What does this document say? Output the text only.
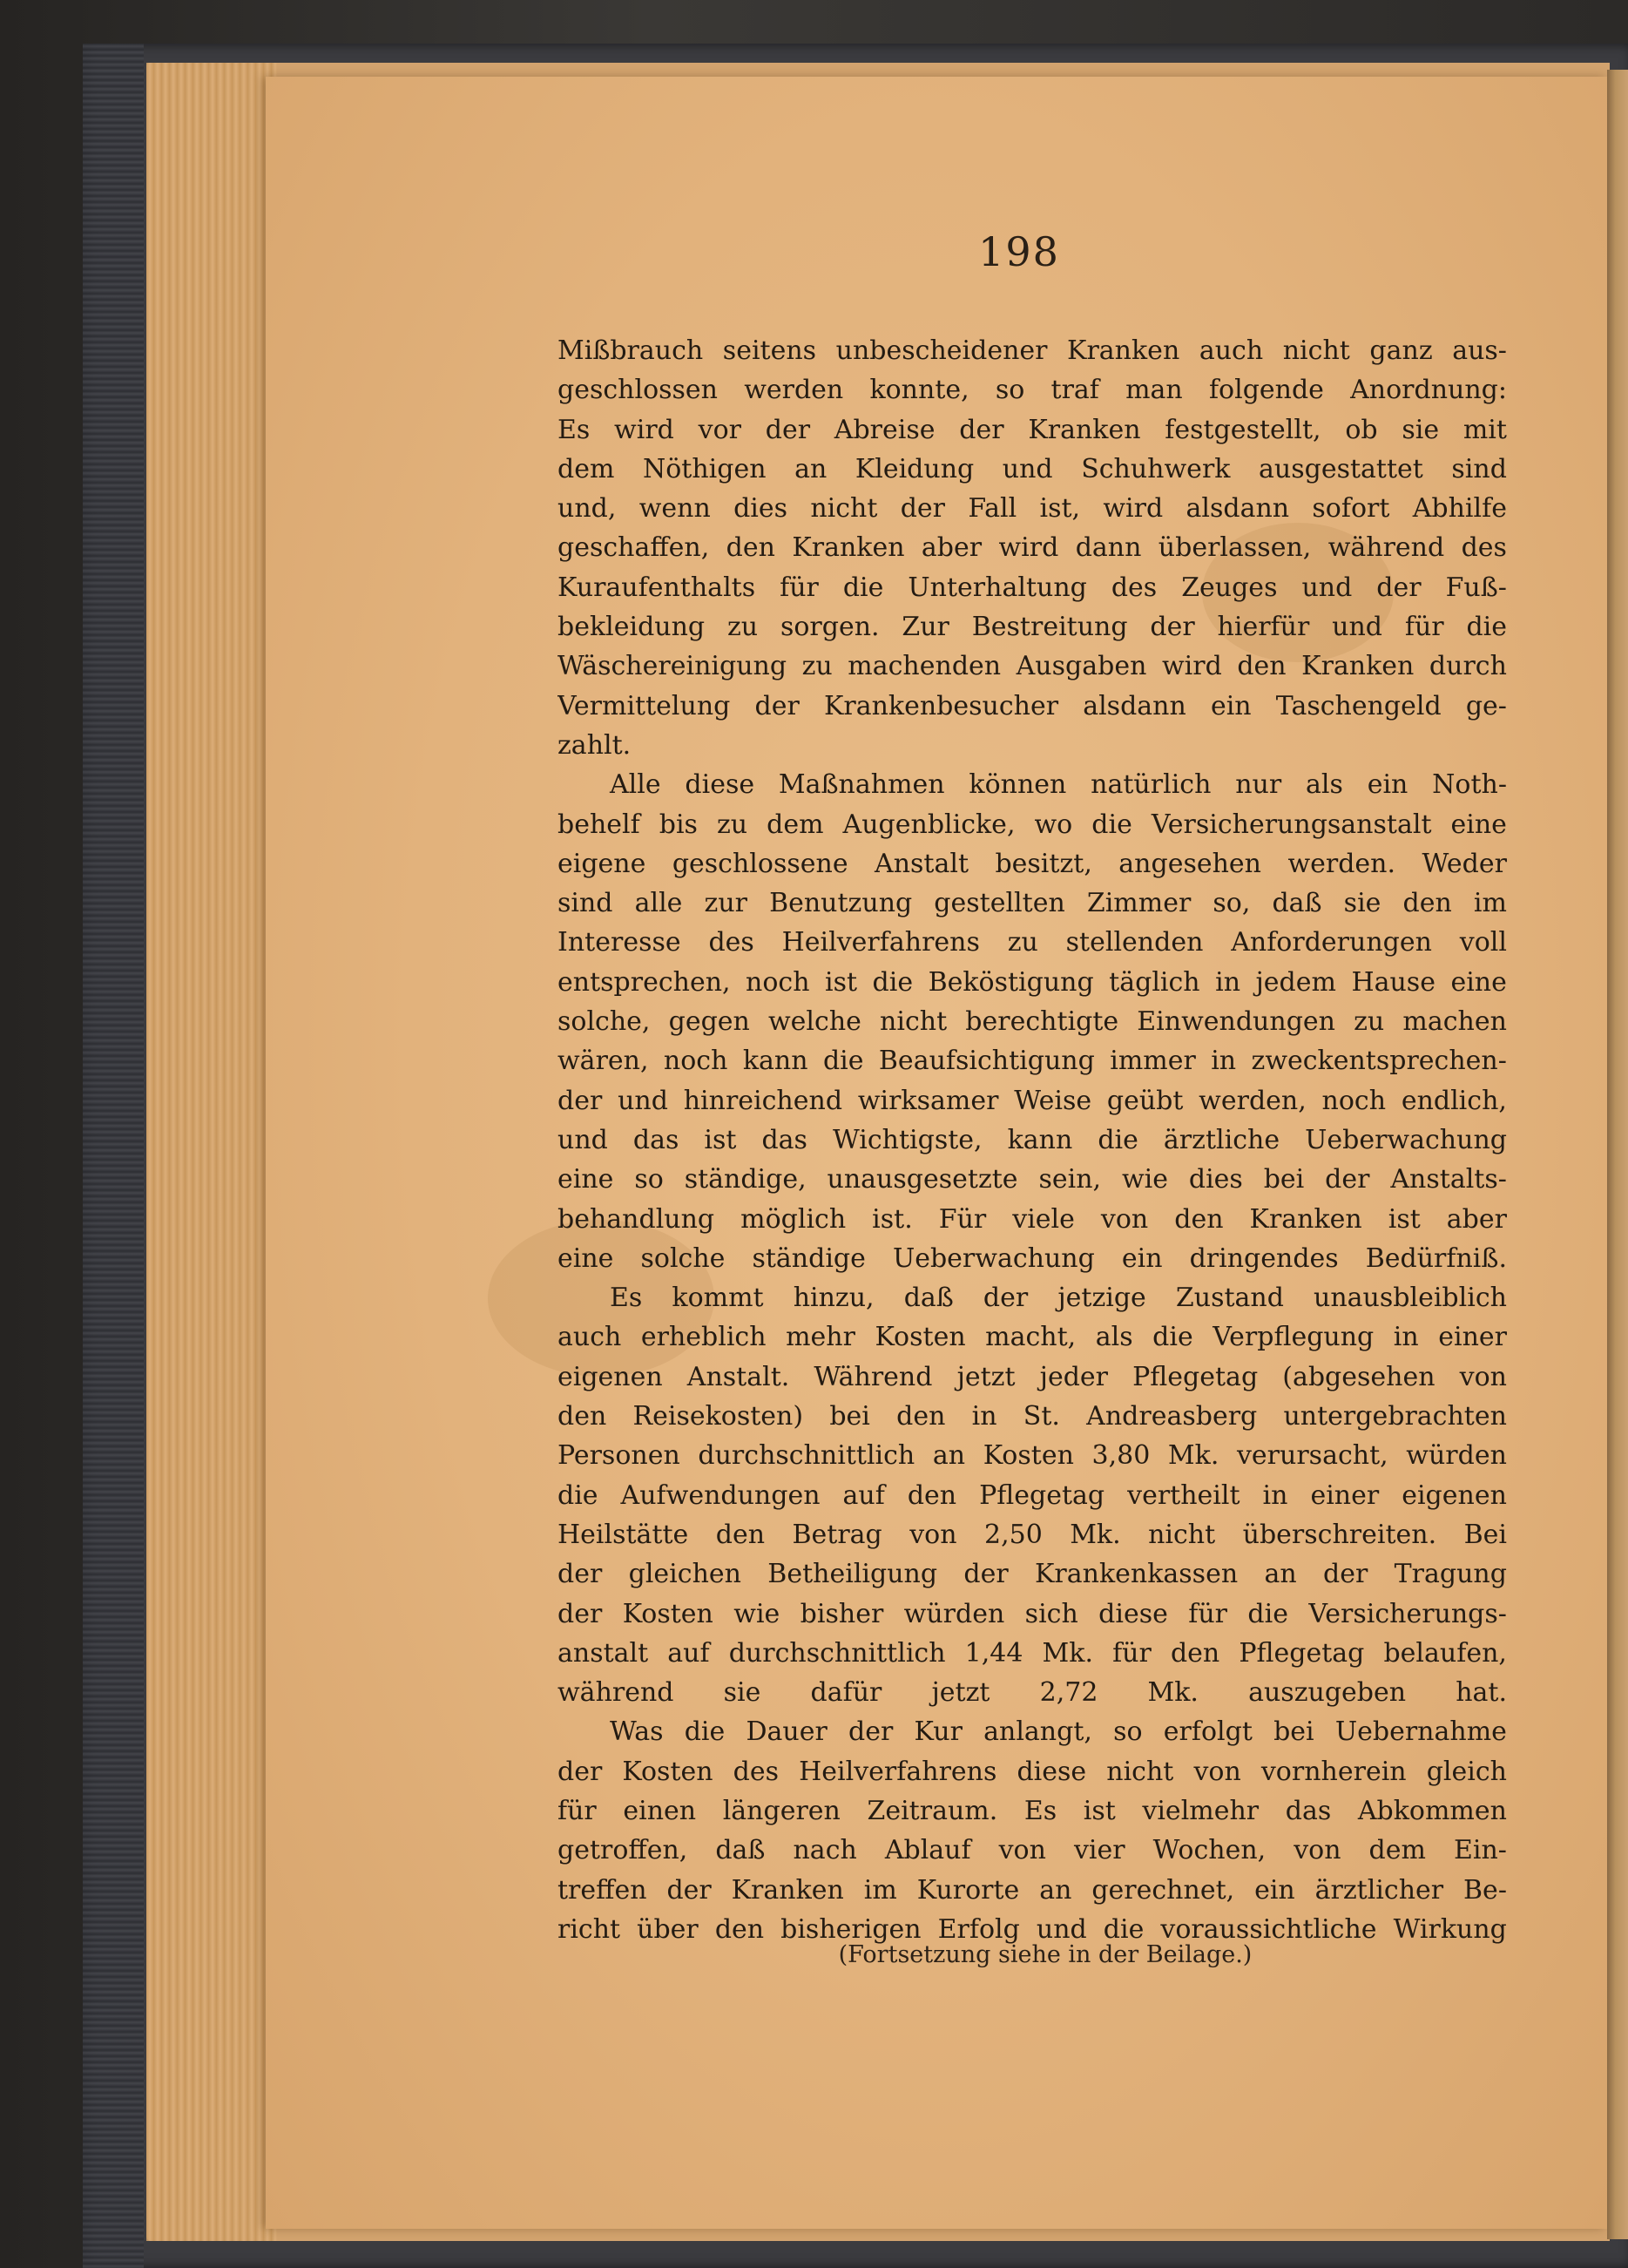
198
Mißbrauch seitens unbescheidener Kranken auch nicht ganz aus-
geschlossen werden konnte, so traf man folgende Anordnung:
Es wird vor der Abreise der Kranken festgestellt, ob sie mit
dem Nöthigen an Kleidung und Schuhwerk ausgestattet sind
und, wenn dies nicht der Fall ist, wird alsdann sofort Abhilfe
geschaffen, den Kranken aber wird dann überlassen, während des
Kuraufenthalts für die Unterhaltung des Zeuges und der Fuß-
bekleidung zu sorgen. Zur Bestreitung der hierfür und für die
Wäschereinigung zu machenden Ausgaben wird den Kranken durch
Vermittelung der Krankenbesucher alsdann ein Taschengeld ge-
zahlt.
Alle diese Maßnahmen können natürlich nur als ein Noth-
behelf bis zu dem Augenblicke, wo die Versicherungsanstalt eine
eigene geschlossene Anstalt besitzt, angesehen werden. Weder
sind alle zur Benutzung gestellten Zimmer so, daß sie den im
Interesse des Heilverfahrens zu stellenden Anforderungen voll
entsprechen, noch ist die Beköstigung täglich in jedem Hause eine
solche, gegen welche nicht berechtigte Einwendungen zu machen
wären, noch kann die Beaufsichtigung immer in zweckentsprechen-
der und hinreichend wirksamer Weise geübt werden, noch endlich,
und das ist das Wichtigste, kann die ärztliche Ueberwachung
eine so ständige, unausgesetzte sein, wie dies bei der Anstalts-
behandlung möglich ist. Für viele von den Kranken ist aber
eine solche ständige Ueberwachung ein dringendes Bedürfniß.
Es kommt hinzu, daß der jetzige Zustand unausbleiblich
auch erheblich mehr Kosten macht, als die Verpflegung in einer
eigenen Anstalt. Während jetzt jeder Pflegetag (abgesehen von
den Reisekosten) bei den in St. Andreasberg untergebrachten
Personen durchschnittlich an Kosten 3,80 Mk. verursacht, würden
die Aufwendungen auf den Pflegetag vertheilt in einer eigenen
Heilstätte den Betrag von 2,50 Mk. nicht überschreiten. Bei
der gleichen Betheiligung der Krankenkassen an der Tragung
der Kosten wie bisher würden sich diese für die Versicherungs-
anstalt auf durchschnittlich 1,44 Mk. für den Pflegetag belaufen,
während sie dafür jetzt 2,72 Mk. auszugeben hat.
Was die Dauer der Kur anlangt, so erfolgt bei Uebernahme
der Kosten des Heilverfahrens diese nicht von vornherein gleich
für einen längeren Zeitraum. Es ist vielmehr das Abkommen
getroffen, daß nach Ablauf von vier Wochen, von dem Ein-
treffen der Kranken im Kurorte an gerechnet, ein ärztlicher Be-
richt über den bisherigen Erfolg und die voraussichtliche Wirkung
(Fortsetzung siehe in der Beilage.)
